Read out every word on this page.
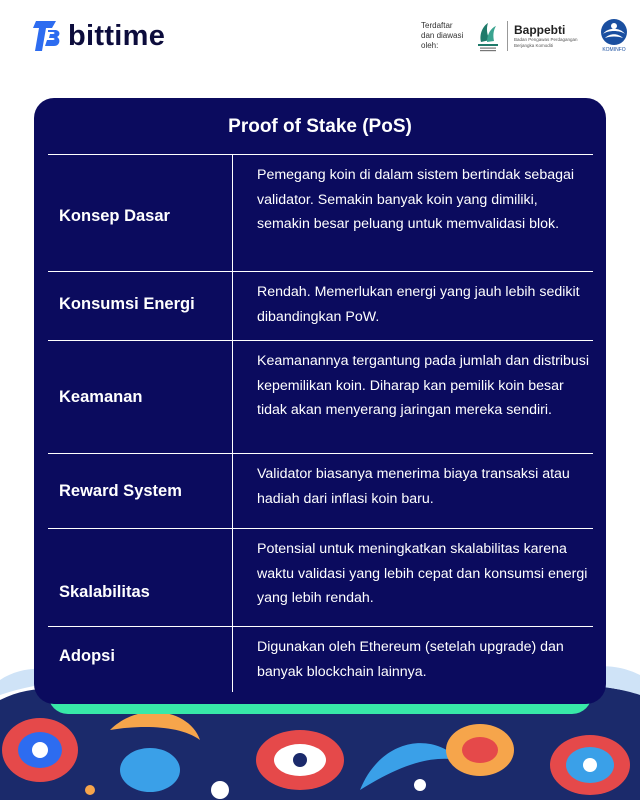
bittime	Terdaftar
dan diawasi
oleh:
Bappebti
Badan Pengawas Perdagangan Berjangka Komoditi
KOMINFO
Proof of Stake (PoS)
Konsep Dasar
Pemegang koin di dalam sistem bertindak sebagai validator. Semakin banyak koin yang dimiliki, semakin besar peluang untuk memvalidasi blok.
Konsumsi Energi
Rendah. Memerlukan energi yang jauh lebih sedikit dibandingkan PoW.
Keamanan
Keamanannya tergantung pada jumlah dan distribusi kepemilikan koin. Diharap kan pemilik koin besar tidak akan menyerang jaringan mereka sendiri.
Reward System
Validator biasanya menerima biaya transaksi atau hadiah dari inflasi koin baru.
Skalabilitas
Potensial untuk meningkatkan skalabilitas karena waktu validasi yang lebih cepat dan konsumsi energi yang lebih rendah.
Adopsi	Digunakan oleh Ethereum (setelah upgrade) dan banyak blockchain lainnya.
